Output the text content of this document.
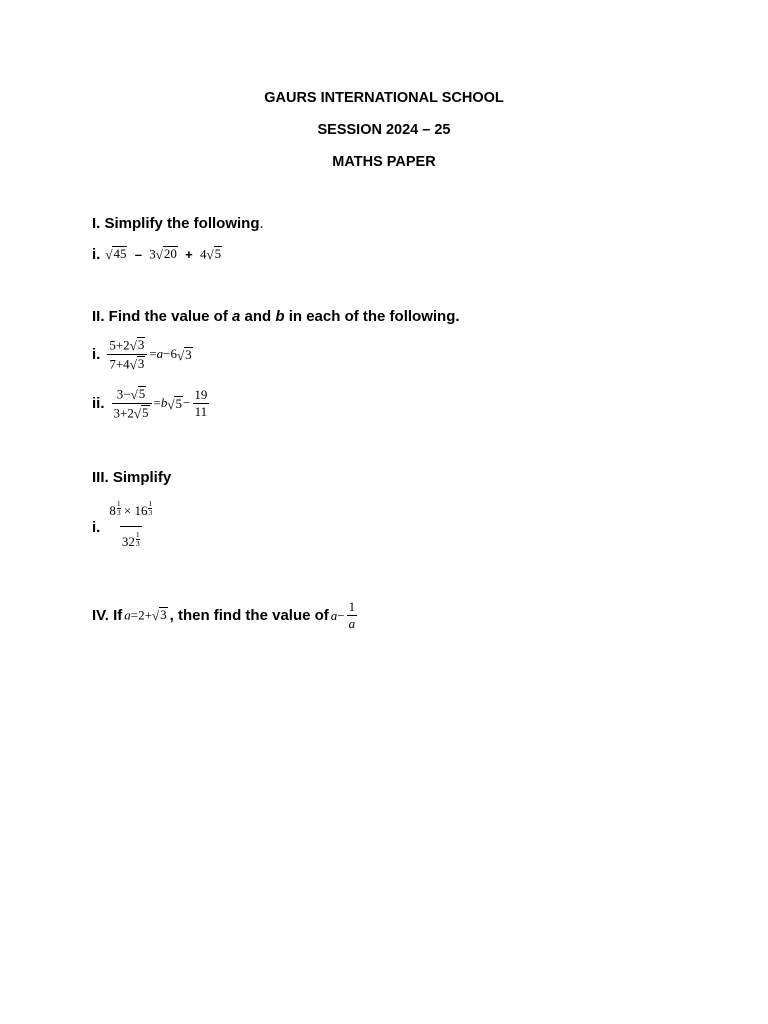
GAURS INTERNATIONAL SCHOOL
SESSION 2024 – 25
MATHS PAPER
I. Simplify the following.
i. √ 45 – 3 √ 20 + 4 √ 5
II. Find the value of a and b in each of the following.
i. $\frac{5+2 √ 3}{7+4 √ 3} = a -6$ √ 3
ii. $\frac{3- √ 5}{3+2 √ 5} = b$ √ $5 - \frac{19}{11}$
III. Simplify
i. $\frac{8 \frac{1}{3} \times 16 \frac{1}{3}}{32 \frac{1}{3}}$
IV. If a=2+ √ 3 , then find the value of $a - \frac{1}{a}$
